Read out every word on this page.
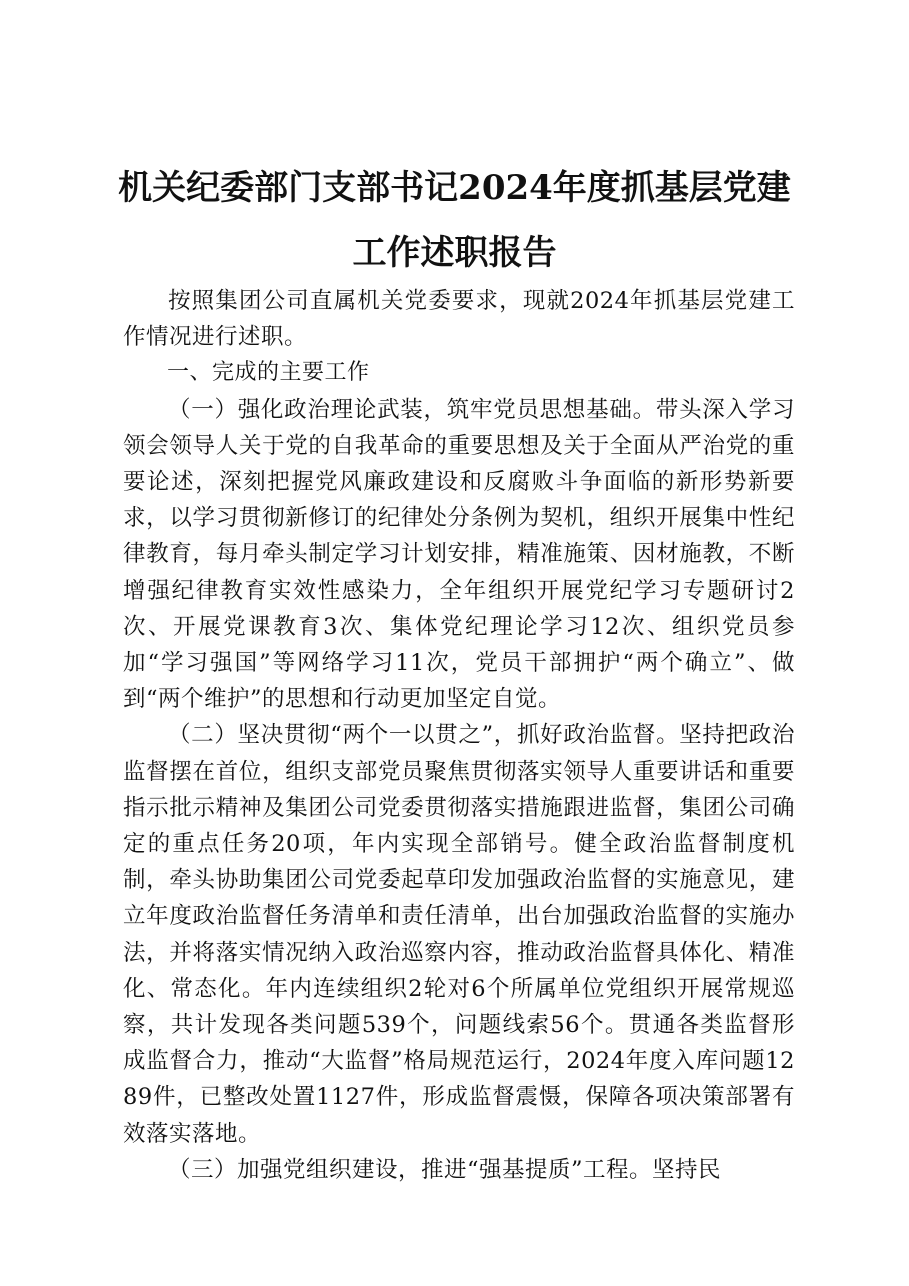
机关纪委部门支部书记2024年度抓基层党建
工作述职报告

按照集团公司直属机关党委要求，现就2024年抓基层党建工作情况进行述职。

一、完成的主要工作

（一）强化政治理论武装，筑牢党员思想基础。带头深入学习领会领导人关于党的自我革命的重要思想及关于全面从严治党的重要论述，深刻把握党风廉政建设和反腐败斗争面临的新形势新要求，以学习贯彻新修订的纪律处分条例为契机，组织开展集中性纪律教育，每月牵头制定学习计划安排，精准施策、因材施教，不断增强纪律教育实效性感染力，全年组织开展党纪学习专题研讨2次、开展党课教育3次、集体党纪理论学习12次、组织党员参加“学习强国”等网络学习11次，党员干部拥护“两个确立”、做到“两个维护”的思想和行动更加坚定自觉。

（二）坚决贯彻“两个一以贯之”，抓好政治监督。坚持把政治监督摆在首位，组织支部党员聚焦贯彻落实领导人重要讲话和重要指示批示精神及集团公司党委贯彻落实措施跟进监督，集团公司确定的重点任务20项，年内实现全部销号。健全政治监督制度机制，牵头协助集团公司党委起草印发加强政治监督的实施意见，建立年度政治监督任务清单和责任清单，出台加强政治监督的实施办法，并将落实情况纳入政治巡察内容，推动政治监督具体化、精准化、常态化。年内连续组织2轮对6个所属单位党组织开展常规巡察，共计发现各类问题539个，问题线索56个。贯通各类监督形成监督合力，推动“大监督”格局规范运行，2024年度入库问题1289件，已整改处置1127件，形成监督震慑，保障各项决策部署有效落实落地。

（三）加强党组织建设，推进“强基提质”工程。坚持民
